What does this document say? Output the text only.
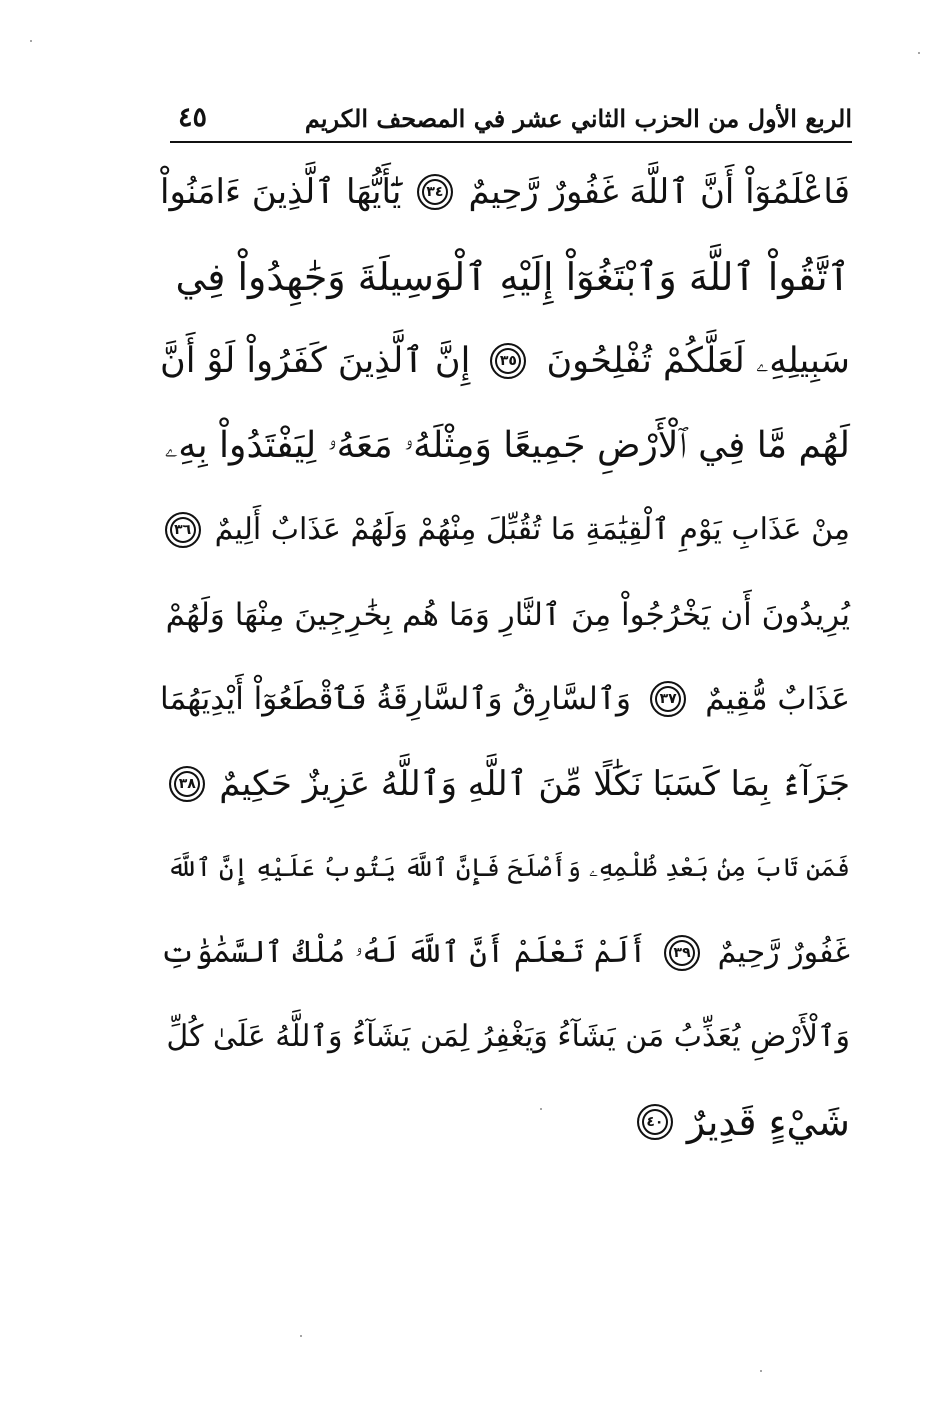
الربع الأول من الحزب الثاني عشر في المصحف الكريم
٤٥
فَاعْلَمُوٓاْ أَنَّ ٱللَّهَ غَفُورٌ رَّحِيمٌ
٣٤
يَٰٓأَيُّهَا ٱلَّذِينَ ءَامَنُواْ
ٱتَّقُواْ ٱللَّهَ وَٱبْتَغُوٓاْ إِلَيْهِ ٱلْوَسِيلَةَ وَجَٰهِدُواْ فِي
سَبِيلِهِۦ لَعَلَّكُمْ تُفْلِحُونَ
٣٥
إِنَّ ٱلَّذِينَ كَفَرُواْ لَوْ أَنَّ
لَهُم مَّا فِي ٱلْأَرْضِ جَمِيعًا وَمِثْلَهُۥ مَعَهُۥ لِيَفْتَدُواْ بِهِۦ
مِنْ عَذَابِ يَوْمِ ٱلْقِيَٰمَةِ مَا تُقُبِّلَ مِنْهُمْ وَلَهُمْ عَذَابٌ أَلِيمٌ
٣٦
يُرِيدُونَ أَن يَخْرُجُواْ مِنَ ٱلنَّارِ وَمَا هُم بِخَٰرِجِينَ مِنْهَا وَلَهُمْ
عَذَابٌ مُّقِيمٌ
٣٧
وَٱلسَّارِقُ وَٱلسَّارِقَةُ فَٱقْطَعُوٓاْ أَيْدِيَهُمَا
جَزَآءَۢ بِمَا كَسَبَا نَكَٰلًا مِّنَ ٱللَّهِ وَٱللَّهُ عَزِيزٌ حَكِيمٌ
٣٨
فَمَن تَابَ مِنۢ بَعْدِ ظُلْمِهِۦ وَأَصْلَحَ فَإِنَّ ٱللَّهَ يَتُوبُ عَلَيْهِ إِنَّ ٱللَّهَ
غَفُورٌ رَّحِيمٌ
٣٩
أَلَمْ تَعْلَمْ أَنَّ ٱللَّهَ لَهُۥ مُلْكُ ٱلسَّمَٰوَٰتِ
وَٱلْأَرْضِ يُعَذِّبُ مَن يَشَآءُ وَيَغْفِرُ لِمَن يَشَآءُ وَٱللَّهُ عَلَىٰ كُلِّ
شَيْءٍ قَدِيرٌ
٤٠
